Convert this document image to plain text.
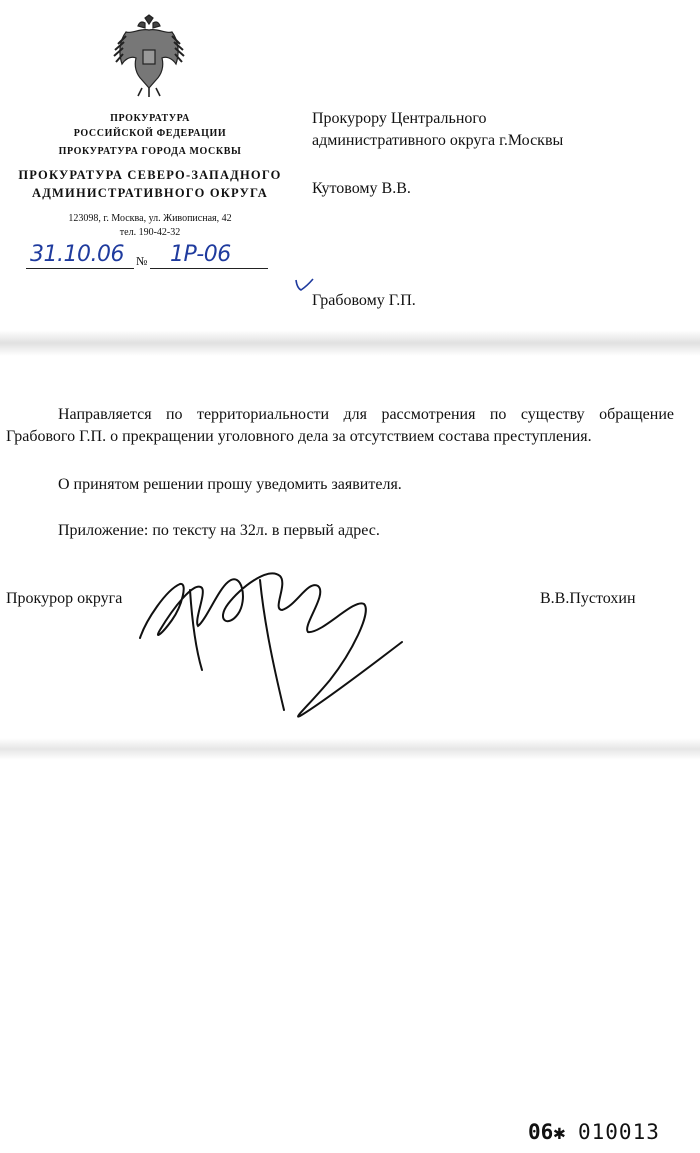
ПРОКУРАТУРА
РОССИЙСКОЙ ФЕДЕРАЦИИ
ПРОКУРАТУРА ГОРОДА МОСКВЫ
ПРОКУРАТУРА СЕВЕРО-ЗАПАДНОГО
АДМИНИСТРАТИВНОГО ОКРУГА
123098, г. Москва, ул. Живописная, 42
тел. 190-42-32
31.10.06 № 1Р-06
Прокурору Центрального
административного округа г.Москвы
Кутовому В.В.
Грабовому Г.П.
Направляется по территориальности для рассмотрения по существу обращение Грабового Г.П. о прекращении уголовного дела за отсутствием состава преступления.
О принятом решении прошу уведомить заявителя.
Приложение: по тексту на 32л. в первый адрес.
Прокурор округа	В.В.Пустохин
06✱ 010013
